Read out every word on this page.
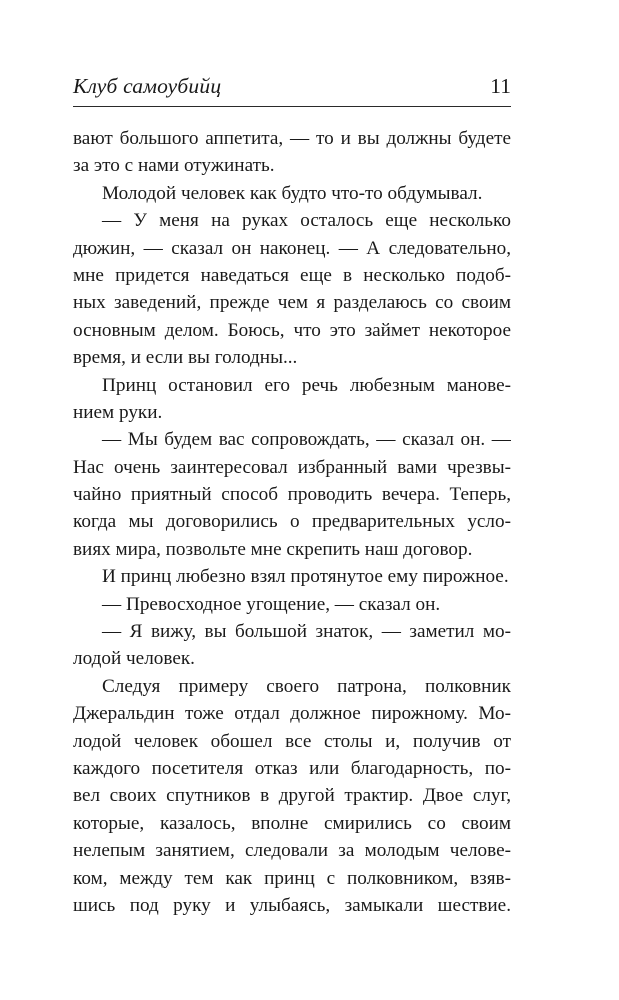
Клуб самоубийц	11
вают большого аппетита, — то и вы должны будете
за это с нами отужинать.
Молодой человек как будто что-то обдумывал.
— У меня на руках осталось еще несколько
дюжин, — сказал он наконец. — А следовательно,
мне придется наведаться еще в несколько подоб-
ных заведений, прежде чем я разделаюсь со своим
основным делом. Боюсь, что это займет некоторое
время, и если вы голодны...
Принц остановил его речь любезным манове-
нием руки.
— Мы будем вас сопровождать, — сказал он. —
Нас очень заинтересовал избранный вами чрезвы-
чайно приятный способ проводить вечера. Теперь,
когда мы договорились о предварительных усло-
виях мира, позвольте мне скрепить наш договор.
И принц любезно взял протянутое ему пирожное.
— Превосходное угощение, — сказал он.
— Я вижу, вы большой знаток, — заметил мо-
лодой человек.
Следуя примеру своего патрона, полковник
Джеральдин тоже отдал должное пирожному. Мо-
лодой человек обошел все столы и, получив от
каждого посетителя отказ или благодарность, по-
вел своих спутников в другой трактир. Двое слуг,
которые, казалось, вполне смирились со своим
нелепым занятием, следовали за молодым челове-
ком, между тем как принц с полковником, взяв-
шись под руку и улыбаясь, замыкали шествие.
